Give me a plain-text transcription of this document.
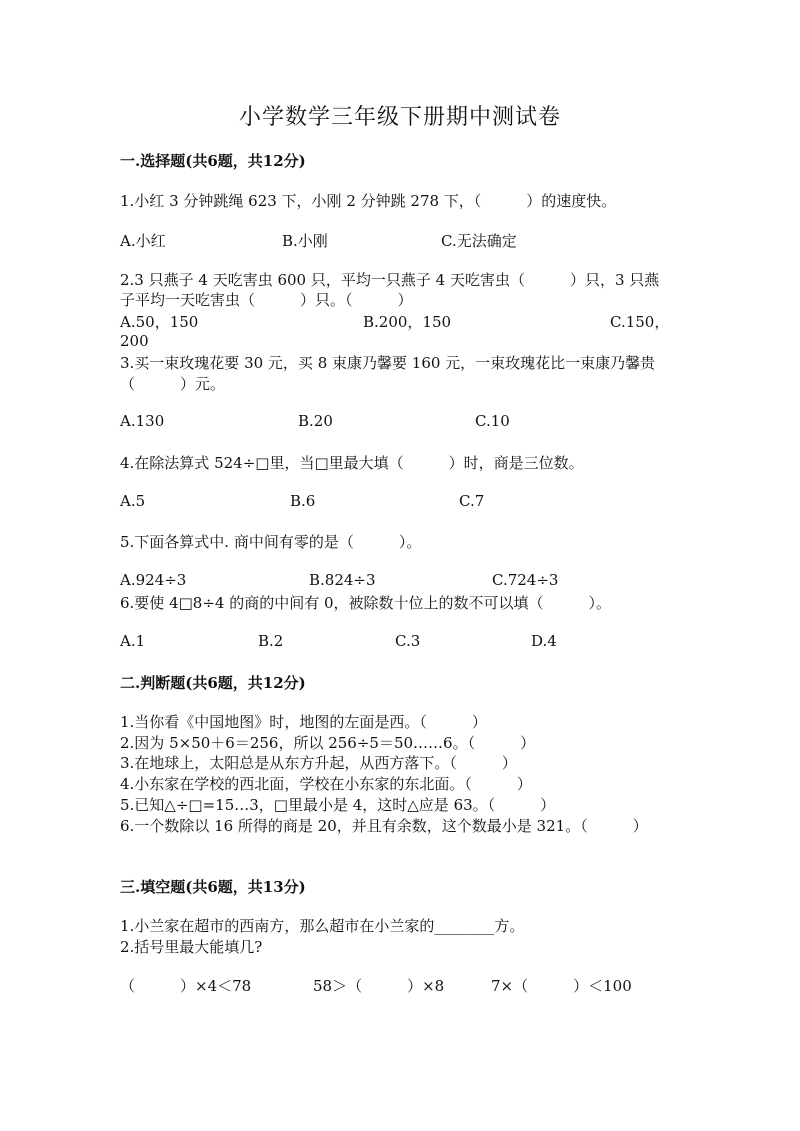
小学数学三年级下册期中测试卷
一.选择题(共6题，共12分)
1.小红 3 分钟跳绳 623 下，小刚 2 分钟跳 278 下，（　　　）的速度快。
A.小红	B.小刚	C.无法确定
2.3 只燕子 4 天吃害虫 600 只，平均一只燕子 4 天吃害虫（　　　）只，3 只燕
子平均一天吃害虫（　　　）只。（　　　）
A.50，150	B.200，150	C.150，
200
3.买一束玫瑰花要 30 元，买 8 束康乃馨要 160 元，一束玫瑰花比一束康乃馨贵
（　　　）元。
A.130	B.20	C.10
4.在除法算式 524÷□里，当□里最大填（　　　）时，商是三位数。
A.5	B.6	C.7
5.下面各算式中. 商中间有零的是（　　　）。
A.924÷3	B.824÷3	C.724÷3
6.要使 4□8÷4 的商的中间有 0，被除数十位上的数不可以填（　　　）。
A.1	B.2	C.3	D.4
二.判断题(共6题，共12分)
1.当你看《中国地图》时，地图的左面是西。（　　　）
2.因为 5×50＋6＝256，所以 256÷5＝50……6。（　　　）
3.在地球上，太阳总是从东方升起，从西方落下。（　　　）
4.小东家在学校的西北面，学校在小东家的东北面。（　　　）
5.已知△÷□=15…3，□里最小是 4，这时△应是 63。（　　　）
6.一个数除以 16 所得的商是 20，并且有余数，这个数最小是 321。（　　　）
三.填空题(共6题，共13分)
1.小兰家在超市的西南方，那么超市在小兰家的________方。
2.括号里最大能填几?
（　　　）×4＜78	58＞（　　　）×8	7×（　　　）＜100
